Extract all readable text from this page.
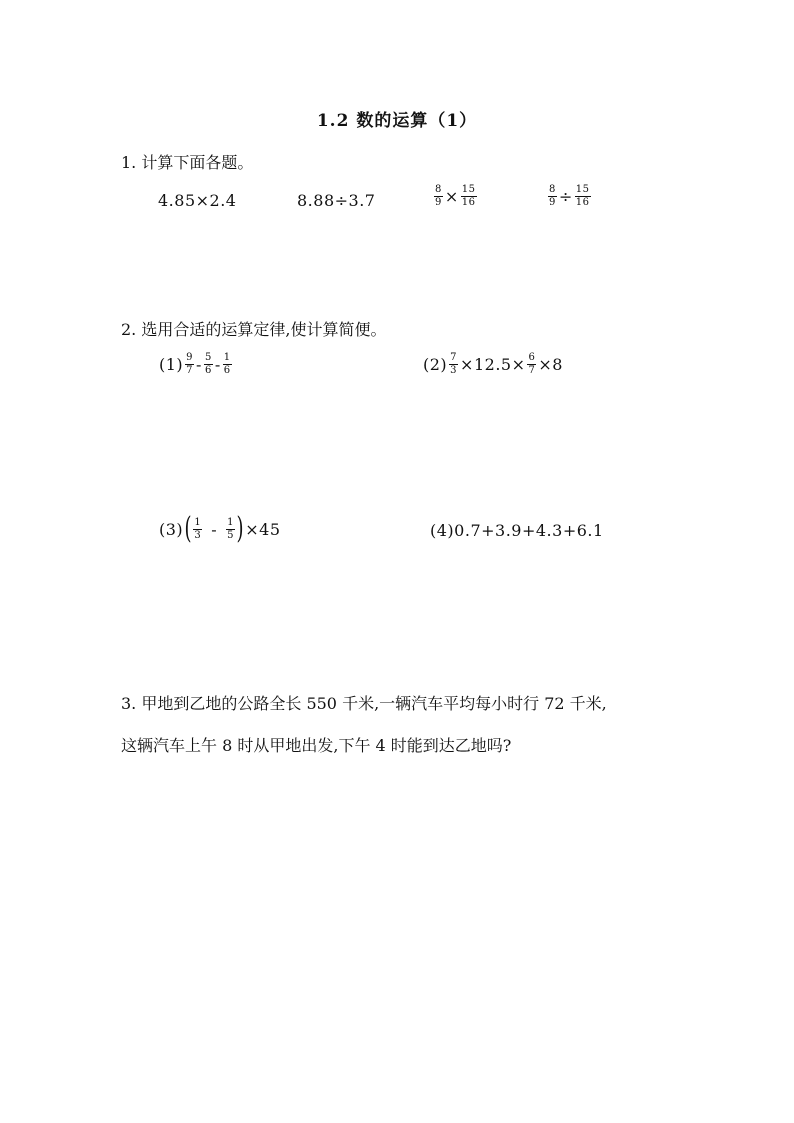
1.2 数的运算（1）
1. 计算下面各题。
4.85×2.4	8.88÷3.7	$\frac{8}{9} \times \frac{15}{16}$	$\frac{8}{9} \div \frac{15}{16}$
2. 选用合适的运算定律,使计算简便。
$(1) \frac{9}{7} - \frac{5}{6} - \frac{1}{6}$	$(2) \frac{7}{3} \times 12.5\times \frac{6}{7} \times 8$
$(3)( \frac{1}{3} - \frac{1}{5} )\times 45$	(4)0.7+3.9+4.3+6.1
3. 甲地到乙地的公路全长 550 千米,一辆汽车平均每小时行 72 千米,
这辆汽车上午 8 时从甲地出发,下午 4 时能到达乙地吗?
